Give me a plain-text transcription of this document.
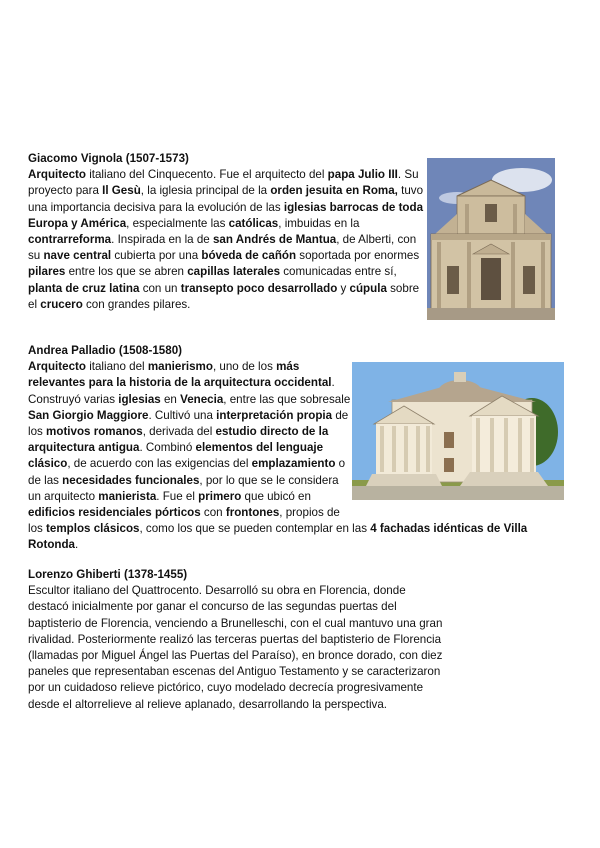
Giacomo Vignola (1507-1573)

Arquitecto italiano del Cinquecento. Fue el arquitecto del papa Julio III. Su proyecto para Il Gesù, la iglesia principal de la orden jesuita en Roma, tuvo una importancia decisiva para la evolución de las iglesias barrocas de toda Europa y América, especialmente las católicas, imbuidas en la contrarreforma. Inspirada en la de san Andrés de Mantua, de Alberti, con su nave central cubierta por una bóveda de cañón soportada por enormes pilares entre los que se abren capillas laterales comunicadas entre sí, planta de cruz latina con un transepto poco desarrollado y cúpula sobre el crucero con grandes pilares.

Andrea Palladio (1508-1580)

Arquitecto italiano del manierismo, uno de los más relevantes para la historia de la arquitectura occidental. Construyó varias iglesias en Venecia, entre las que sobresale San Giorgio Maggiore. Cultivó una interpretación propia de los motivos romanos, derivada del estudio directo de la arquitectura antigua. Combinó elementos del lenguaje clásico, de acuerdo con las exigencias del emplazamiento o de las necesidades funcionales, por lo que se le considera un arquitecto manierista. Fue el primero que ubicó en edificios residenciales pórticos con frontones, propios de los templos clásicos, como los que se pueden contemplar en las 4 fachadas idénticas de Villa Rotonda.

Lorenzo Ghiberti (1378-1455)

Escultor italiano del Quattrocento. Desarrolló su obra en Florencia, donde destacó inicialmente por ganar el concurso de las segundas puertas del baptisterio de Florencia, venciendo a Brunelleschi, con el cual mantuvo una gran rivalidad. Posteriormente realizó las terceras puertas del baptisterio de Florencia (llamadas por Miguel Ángel las Puertas del Paraíso), en bronce dorado, con diez paneles que representaban escenas del Antiguo Testamento y se caracterizaron por un cuidadoso relieve pictórico, cuyo modelado decrecía progresivamente desde el altorrelieve al relieve aplanado, desarrollando la perspectiva.
